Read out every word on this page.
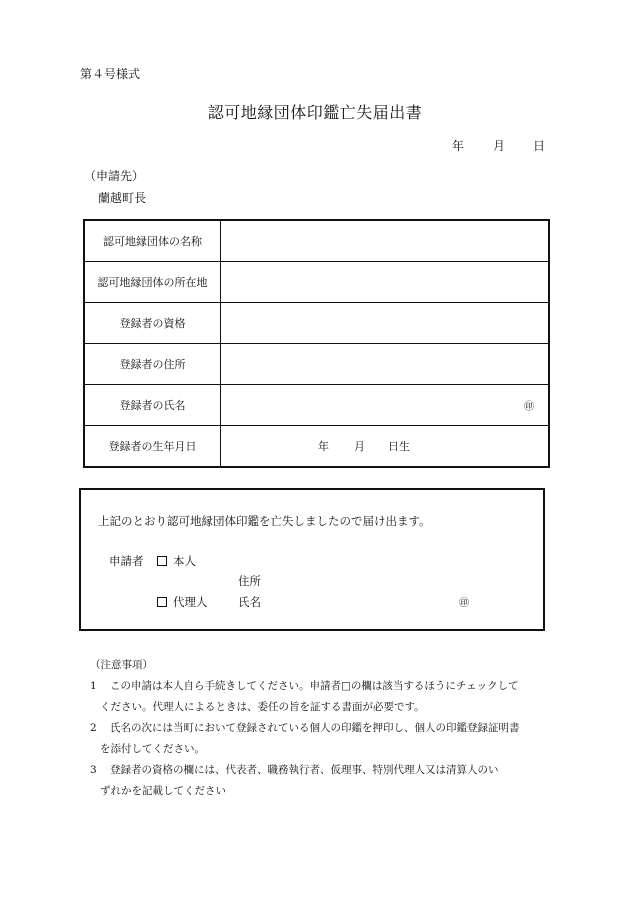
第４号様式
認可地縁団体印鑑亡失届出書
年 月 日
（申請先）
蘭越町長
認可地縁団体の名称	
認可地縁団体の所在地	
登録者の資格	
登録者の住所	
登録者の氏名	㊞

登録者の生年月日	年 月 日生
上記のとおり認可地縁団体印鑑を亡失しましたので届け出ます。
申請者	本人
住所
代理人	氏名	㊞
（注意事項）
1	この申請は本人自ら手続きしてください。申請者□の欄は該当するほうにチェックして
ください。代理人によるときは、委任の旨を証する書面が必要です。
2	氏名の次には当町において登録されている個人の印鑑を押印し、個人の印鑑登録証明書
を添付してください。
3	登録者の資格の欄には、代表者、職務執行者、仮理事、特別代理人又は清算人のい
ずれかを記載してください
